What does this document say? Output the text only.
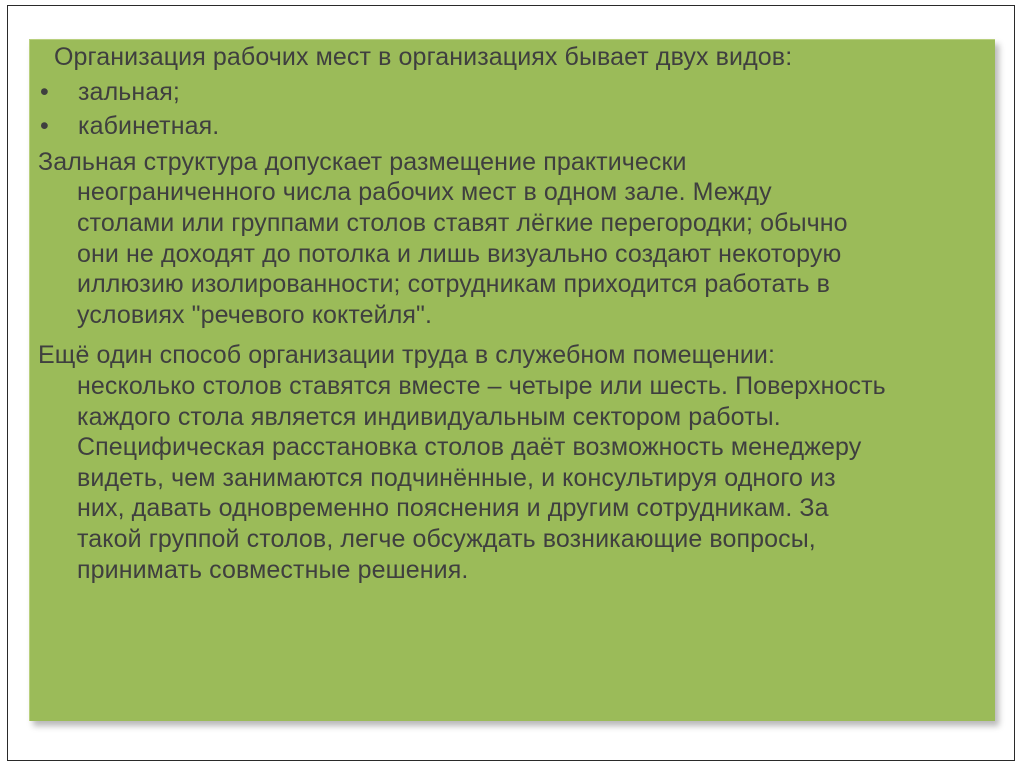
Организация рабочих мест в организациях бывает двух видов:

•	зальная;
•	кабинетная.

Зальная структура допускает размещение практически

неограниченного числа рабочих мест в одном зале. Между

столами или группами столов ставят лёгкие перегородки; обычно

они не доходят до потолка и лишь визуально создают некоторую

иллюзию изолированности; сотрудникам приходится работать в

условиях "речевого коктейля".

Ещё один способ организации труда в служебном помещении:

несколько столов ставятся вместе – четыре или шесть. Поверхность

каждого стола является индивидуальным сектором работы.

Специфическая расстановка столов даёт возможность менеджеру

видеть, чем занимаются подчинённые, и консультируя одного из

них, давать одновременно пояснения и другим сотрудникам. За

такой группой столов, легче обсуждать возникающие вопросы,

принимать совместные решения.
